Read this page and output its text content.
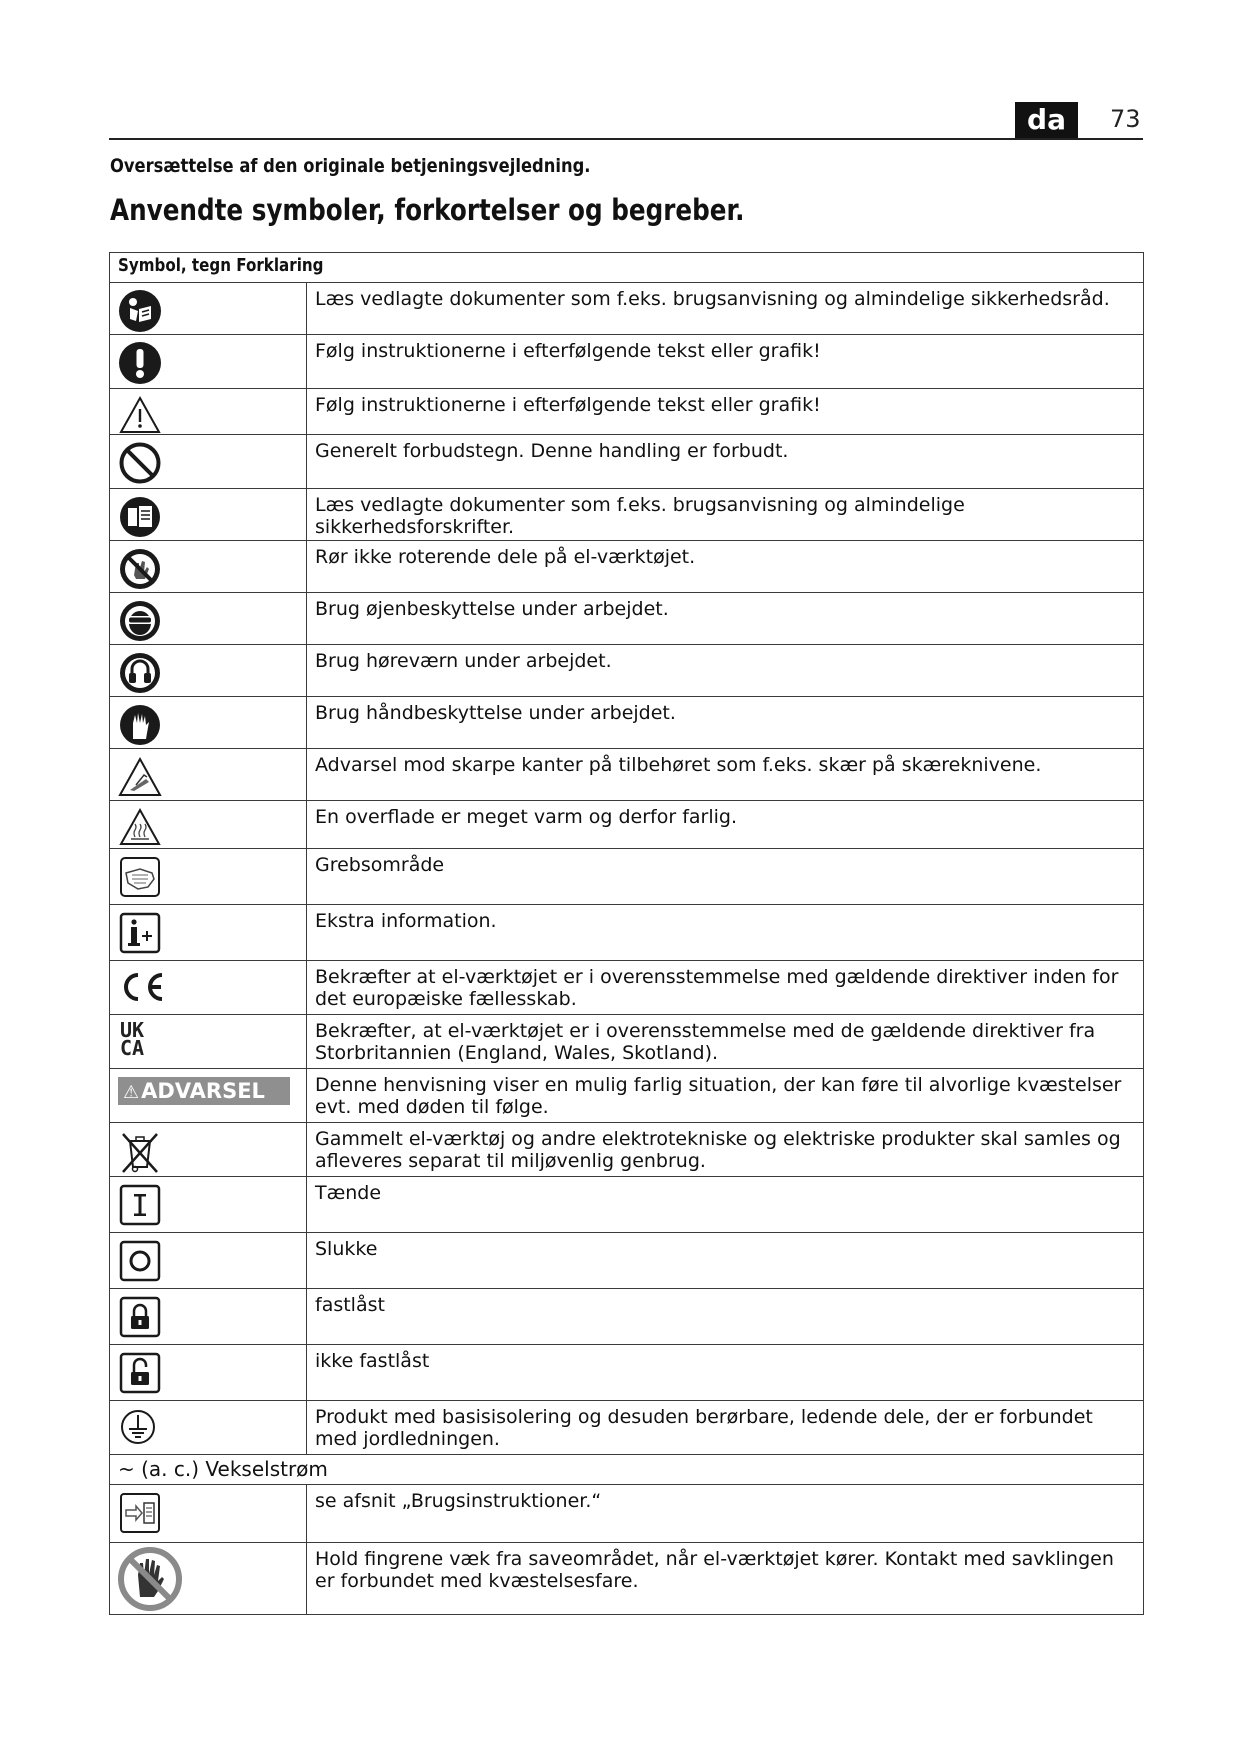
da	73
Oversættelse af den originale betjeningsvejledning.
Anvendte symboler, forkortelser og begreber.
Symbol, tegn Forklaring	

	Læs vedlagte dokumenter som f.eks. brugsanvisning og almindelige sikkerhedsråd.

	Følg instruktionerne i efterfølgende tekst eller grafik!

	Følg instruktionerne i efterfølgende tekst eller grafik!

	Generelt forbudstegn. Denne handling er forbudt.

	Læs vedlagte dokumenter som f.eks. brugsanvisning og almindelige sikkerhedsforskrifter.

	Rør ikke roterende dele på el-værktøjet.

	Brug øjenbeskyttelse under arbejdet.

	Brug høreværn under arbejdet.

	Brug håndbeskyttelse under arbejdet.

	Advarsel mod skarpe kanter på tilbehøret som f.eks. skær på skæreknivene.

	En overflade er meget varm og derfor farlig.

	Grebsområde

	Ekstra information.

	Bekræfter at el-værktøjet er i overensstemmelse med gældende direktiver inden for det europæiske fællesskab.

UK
CA	Bekræfter, at el-værktøjet er i overensstemmelse med de gældende direktiver fra Storbritannien (England, Wales, Skotland).

⚠ADVARSEL	Denne henvisning viser en mulig farlig situation, der kan føre til alvorlige kvæstelser evt. med døden til følge.

	Gammelt el-værktøj og andre elektrotekniske og elektriske produkter skal samles og afleveres separat til miljøvenlig genbrug.

	Tænde

	Slukke

	fastlåst

	ikke fastlåst

	Produkt med basisisolering og desuden berørbare, ledende dele, der er forbundet med jordledningen.
~ (a. c.) Vekselstrøm	

	se afsnit „Brugsinstruktioner.“

	Hold fingrene væk fra saveområdet, når el-værktøjet kører. Kontakt med savklingen er forbundet med kvæstelsesfare.
